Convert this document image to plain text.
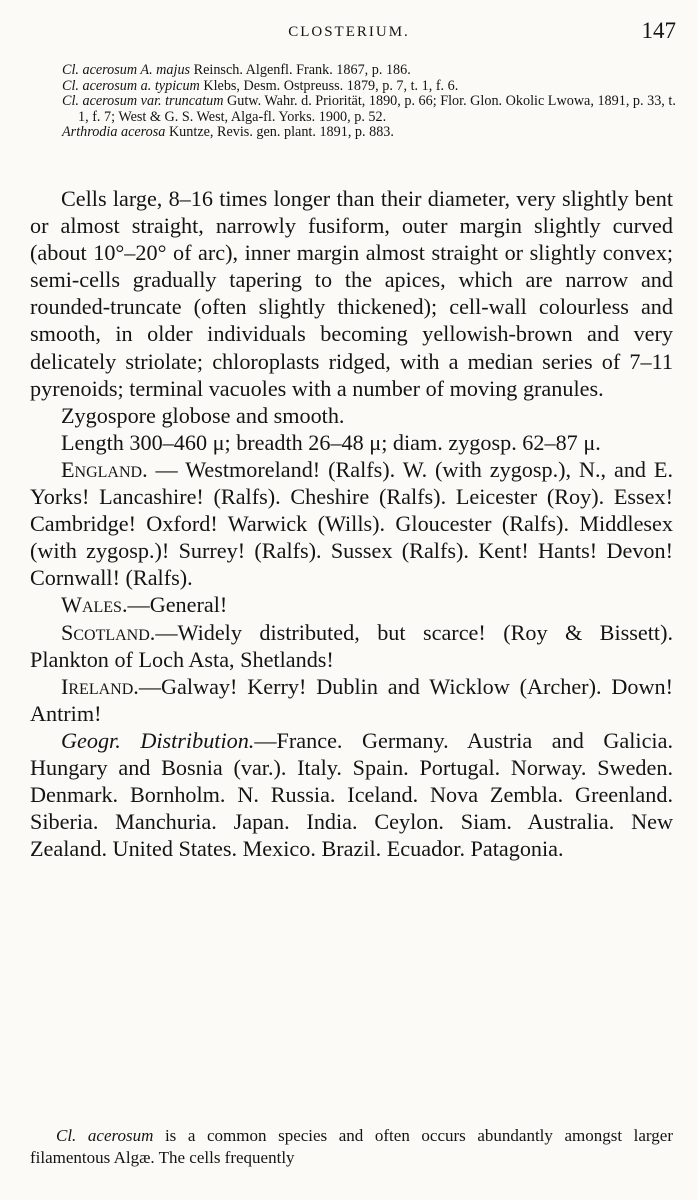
CLOSTERIUM.	147
Cl. acerosum A. majus Reinsch. Algenfl. Frank. 1867, p. 186.
Cl. acerosum a. typicum Klebs, Desm. Ostpreuss. 1879, p. 7, t. 1, f. 6.
Cl. acerosum var. truncatum Gutw. Wahr. d. Priorität, 1890, p. 66; Flor. Glon. Okolic Lwowa, 1891, p. 33, t. 1, f. 7; West & G. S. West, Alga-fl. Yorks. 1900, p. 52.
Arthrodia acerosa Kuntze, Revis. gen. plant. 1891, p. 883.

Cells large, 8–16 times longer than their diameter, very slightly bent or almost straight, narrowly fusiform, outer margin slightly curved (about 10°–20° of arc), inner margin almost straight or slightly convex; semi-cells gradually tapering to the apices, which are narrow and rounded-truncate (often slightly thickened); cell-wall colourless and smooth, in older individuals becoming yellowish-brown and very delicately striolate; chloroplasts ridged, with a median series of 7–11 pyrenoids; terminal vacuoles with a number of moving granules.

Zygospore globose and smooth.

Length 300–460 μ; breadth 26–48 μ; diam. zygosp. 62–87 μ.

England. — Westmoreland! (Ralfs). W. (with zygosp.), N., and E. Yorks! Lancashire! (Ralfs). Cheshire (Ralfs). Leicester (Roy). Essex! Cambridge! Oxford! Warwick (Wills). Gloucester (Ralfs). Middlesex (with zygosp.)! Surrey! (Ralfs). Sussex (Ralfs). Kent! Hants! Devon! Cornwall! (Ralfs).

Wales.—General!

Scotland.—Widely distributed, but scarce! (Roy & Bissett). Plankton of Loch Asta, Shetlands!

Ireland.—Galway! Kerry! Dublin and Wicklow (Archer). Down! Antrim!

Geogr. Distribution.—France. Germany. Austria and Galicia. Hungary and Bosnia (var.). Italy. Spain. Portugal. Norway. Sweden. Denmark. Bornholm. N. Russia. Iceland. Nova Zembla. Greenland. Siberia. Manchuria. Japan. India. Ceylon. Siam. Australia. New Zealand. United States. Mexico. Brazil. Ecuador. Patagonia.

Cl. acerosum is a common species and often occurs abundantly amongst larger filamentous Algæ. The cells frequently
